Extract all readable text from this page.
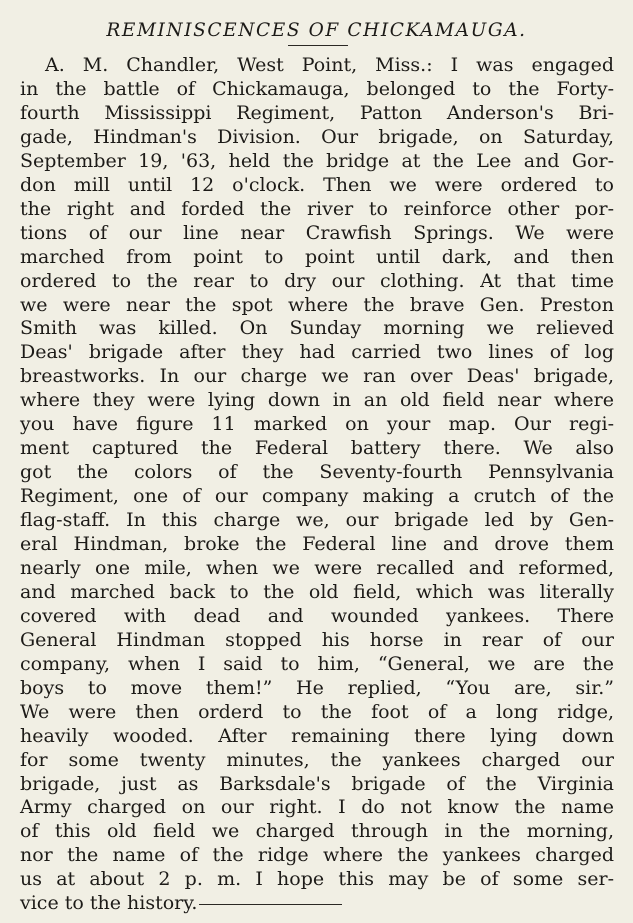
REMINISCENCES OF CHICKAMAUGA.
A. M. Chandler, West Point, Miss.: I was engaged
in the battle of Chickamauga, belonged to the Forty-
fourth Mississippi Regiment, Patton Anderson's Bri-
gade, Hindman's Division. Our brigade, on Saturday,
September 19, '63, held the bridge at the Lee and Gor-
don mill until 12 o'clock. Then we were ordered to
the right and forded the river to reinforce other por-
tions of our line near Crawfish Springs. We were
marched from point to point until dark, and then
ordered to the rear to dry our clothing. At that time
we were near the spot where the brave Gen. Preston
Smith was killed. On Sunday morning we relieved
Deas' brigade after they had carried two lines of log
breastworks. In our charge we ran over Deas' brigade,
where they were lying down in an old field near where
you have figure 11 marked on your map. Our regi-
ment captured the Federal battery there. We also
got the colors of the Seventy-fourth Pennsylvania
Regiment, one of our company making a crutch of the
flag-staff. In this charge we, our brigade led by Gen-
eral Hindman, broke the Federal line and drove them
nearly one mile, when we were recalled and reformed,
and marched back to the old field, which was literally
covered with dead and wounded yankees. There
General Hindman stopped his horse in rear of our
company, when I said to him, “General, we are the
boys to move them!” He replied, “You are, sir.”
We were then orderd to the foot of a long ridge,
heavily wooded. After remaining there lying down
for some twenty minutes, the yankees charged our
brigade, just as Barksdale's brigade of the Virginia
Army charged on our right. I do not know the name
of this old field we charged through in the morning,
nor the name of the ridge where the yankees charged
us at about 2 p. m. I hope this may be of some ser-
vice to the history.
